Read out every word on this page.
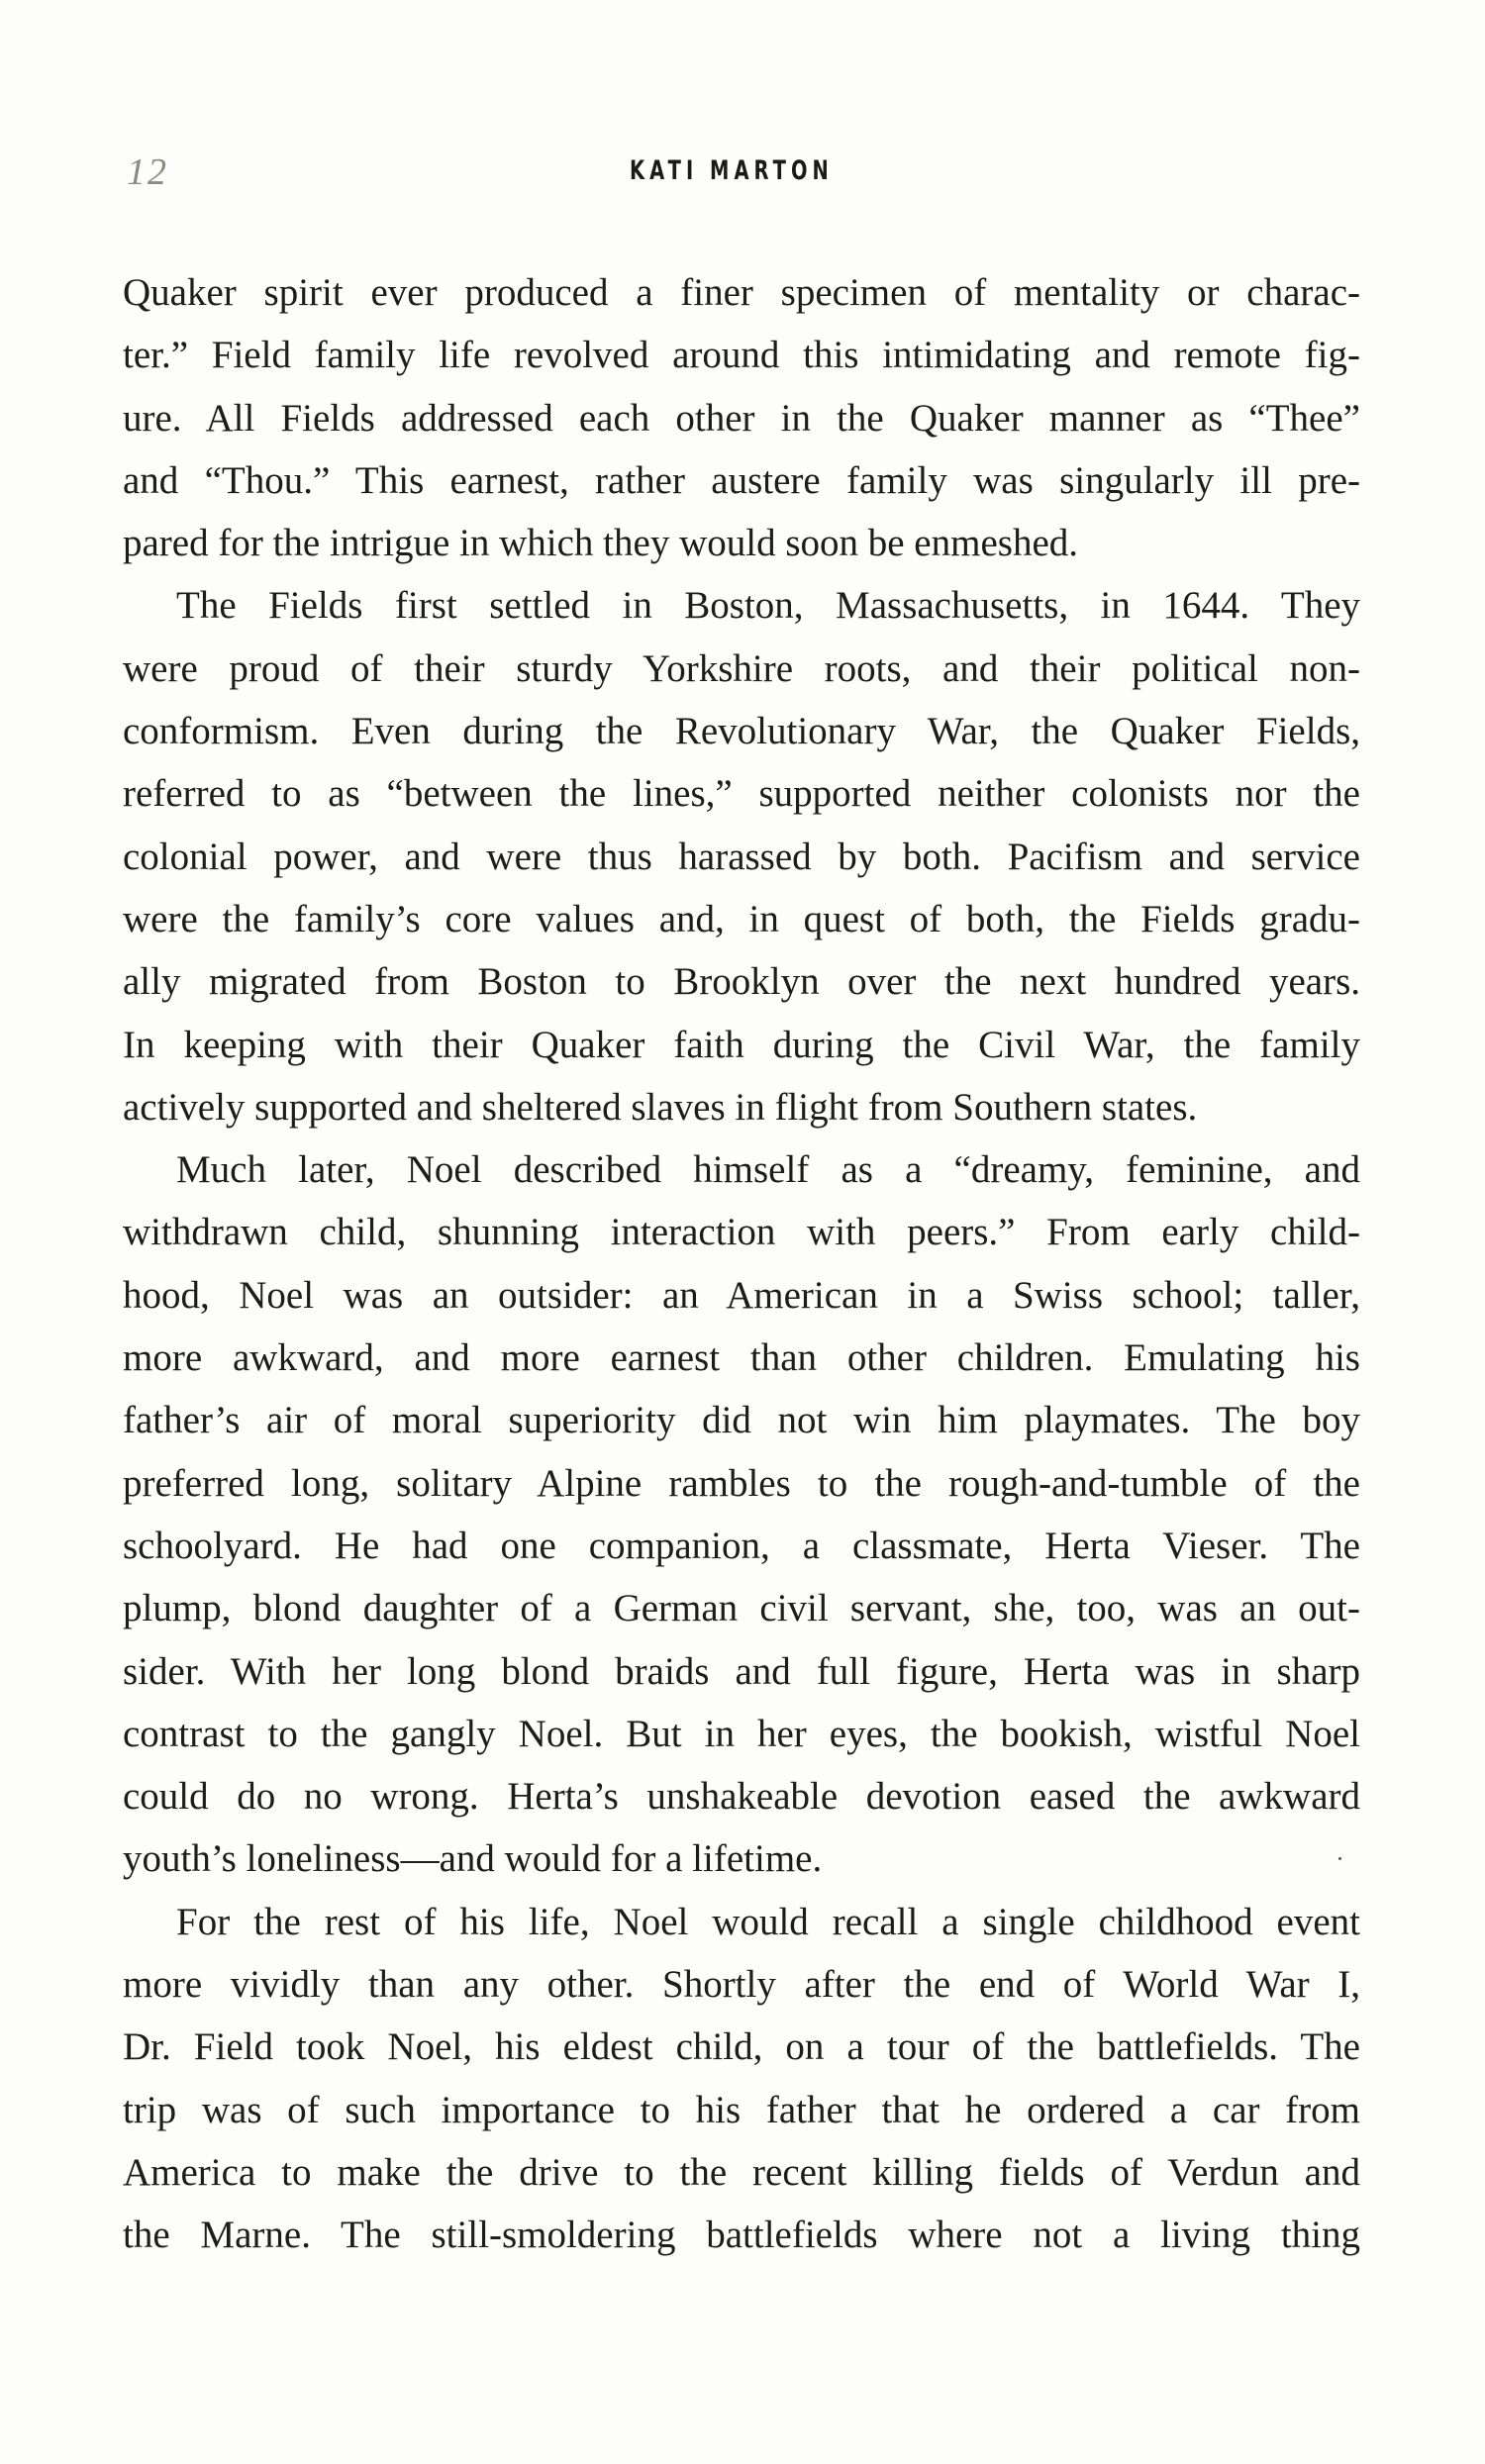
12	KATI MARTON
Quaker spirit ever produced a finer specimen of mentality or charac-
ter.” Field family life revolved around this intimidating and remote fig-
ure. All Fields addressed each other in the Quaker manner as “Thee”
and “Thou.” This earnest, rather austere family was singularly ill pre-
pared for the intrigue in which they would soon be enmeshed.
The Fields first settled in Boston, Massachusetts, in 1644. They
were proud of their sturdy Yorkshire roots, and their political non-
conformism. Even during the Revolutionary War, the Quaker Fields,
referred to as “between the lines,” supported neither colonists nor the
colonial power, and were thus harassed by both. Pacifism and service
were the family’s core values and, in quest of both, the Fields gradu-
ally migrated from Boston to Brooklyn over the next hundred years.
In keeping with their Quaker faith during the Civil War, the family
actively supported and sheltered slaves in flight from Southern states.
Much later, Noel described himself as a “dreamy, feminine, and
withdrawn child, shunning interaction with peers.” From early child-
hood, Noel was an outsider: an American in a Swiss school; taller,
more awkward, and more earnest than other children. Emulating his
father’s air of moral superiority did not win him playmates. The boy
preferred long, solitary Alpine rambles to the rough-and-tumble of the
schoolyard. He had one companion, a classmate, Herta Vieser. The
plump, blond daughter of a German civil servant, she, too, was an out-
sider. With her long blond braids and full figure, Herta was in sharp
contrast to the gangly Noel. But in her eyes, the bookish, wistful Noel
could do no wrong. Herta’s unshakeable devotion eased the awkward
youth’s loneliness—and would for a lifetime.
For the rest of his life, Noel would recall a single childhood event
more vividly than any other. Shortly after the end of World War I,
Dr. Field took Noel, his eldest child, on a tour of the battlefields. The
trip was of such importance to his father that he ordered a car from
America to make the drive to the recent killing fields of Verdun and
the Marne. The still-smoldering battlefields where not a living thing
